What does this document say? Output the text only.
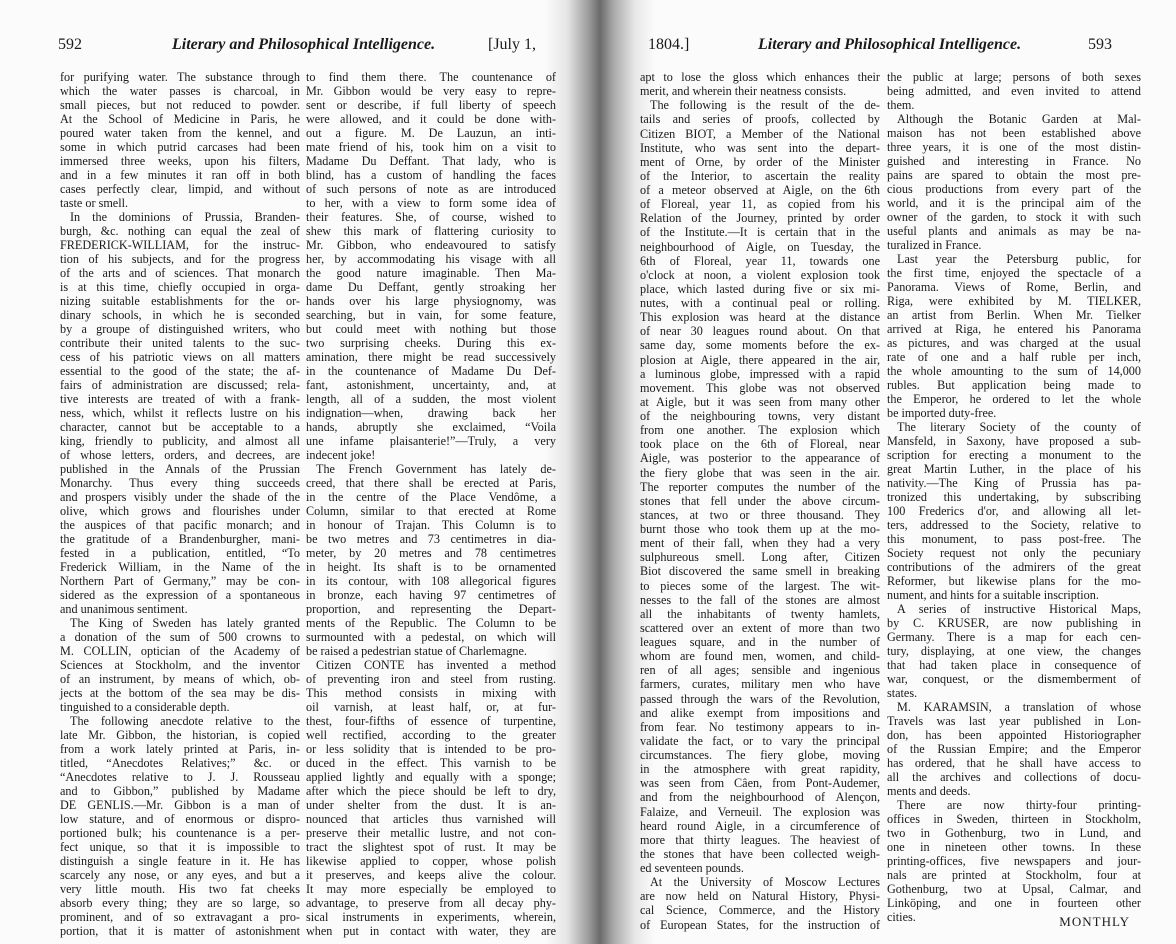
592	Literary and Philosophical Intelligence.	[July 1,	1804.]	Literary and Philosophical Intelligence.	593
for purifying water. The substance through
which the water passes is charcoal, in
small pieces, but not reduced to powder.
At the School of Medicine in Paris, he
poured water taken from the kennel, and
some in which putrid carcases had been
immersed three weeks, upon his filters,
and in a few minutes it ran off in both
cases perfectly clear, limpid, and without
taste or smell.
In the dominions of Prussia, Branden-
burgh, &c. nothing can equal the zeal of
FREDERICK-WILLIAM, for the instruc-
tion of his subjects, and for the progress
of the arts and of sciences. That monarch
is at this time, chiefly occupied in orga-
nizing suitable establishments for the or-
dinary schools, in which he is seconded
by a groupe of distinguished writers, who
contribute their united talents to the suc-
cess of his patriotic views on all matters
essential to the good of the state; the af-
fairs of administration are discussed; rela-
tive interests are treated of with a frank-
ness, which, whilst it reflects lustre on his
character, cannot but be acceptable to a
king, friendly to publicity, and almost all
of whose letters, orders, and decrees, are
published in the Annals of the Prussian
Monarchy. Thus every thing succeeds
and prospers visibly under the shade of the
olive, which grows and flourishes under
the auspices of that pacific monarch; and
the gratitude of a Brandenburgher, mani-
fested in a publication, entitled, “To
Frederick William, in the Name of the
Northern Part of Germany,” may be con-
sidered as the expression of a spontaneous
and unanimous sentiment.
The King of Sweden has lately granted
a donation of the sum of 500 crowns to
M. COLLIN, optician of the Academy of
Sciences at Stockholm, and the inventor
of an instrument, by means of which, ob-
jects at the bottom of the sea may be dis-
tinguished to a considerable depth.
The following anecdote relative to the
late Mr. Gibbon, the historian, is copied
from a work lately printed at Paris, in-
titled, “Anecdotes Relatives;” &c. or
“Anecdotes relative to J. J. Rousseau
and to Gibbon,” published by Madame
DE GENLIS.—Mr. Gibbon is a man of
low stature, and of enormous or dispro-
portioned bulk; his countenance is a per-
fect unique, so that it is impossible to
distinguish a single feature in it. He has
scarcely any nose, or any eyes, and but a
very little mouth. His two fat cheeks
absorb every thing; they are so large, so
prominent, and of so extravagant a pro-
portion, that it is matter of astonishment
to find them there. The countenance of
Mr. Gibbon would be very easy to repre-
sent or describe, if full liberty of speech
were allowed, and it could be done with-
out a figure. M. De Lauzun, an inti-
mate friend of his, took him on a visit to
Madame Du Deffant. That lady, who is
blind, has a custom of handling the faces
of such persons of note as are introduced
to her, with a view to form some idea of
their features. She, of course, wished to
shew this mark of flattering curiosity to
Mr. Gibbon, who endeavoured to satisfy
her, by accommodating his visage with all
the good nature imaginable. Then Ma-
dame Du Deffant, gently stroaking her
hands over his large physiognomy, was
searching, but in vain, for some feature,
but could meet with nothing but those
two surprising cheeks. During this ex-
amination, there might be read successively
in the countenance of Madame Du Def-
fant, astonishment, uncertainty, and, at
length, all of a sudden, the most violent
indignation—when, drawing back her
hands, abruptly she exclaimed, “Voila
une infame plaisanterie!”—Truly, a very
indecent joke!
The French Government has lately de-
creed, that there shall be erected at Paris,
in the centre of the Place Vendôme, a
Column, similar to that erected at Rome
in honour of Trajan. This Column is to
be two metres and 73 centimetres in dia-
meter, by 20 metres and 78 centimetres
in height. Its shaft is to be ornamented
in its contour, with 108 allegorical figures
in bronze, each having 97 centimetres of
proportion, and representing the Depart-
ments of the Republic. The Column to be
surmounted with a pedestal, on which will
be raised a pedestrian statue of Charlemagne.
Citizen CONTE has invented a method
of preventing iron and steel from rusting.
This method consists in mixing with
oil varnish, at least half, or, at fur-
thest, four-fifths of essence of turpentine,
well rectified, according to the greater
or less solidity that is intended to be pro-
duced in the effect. This varnish to be
applied lightly and equally with a sponge;
after which the piece should be left to dry,
under shelter from the dust. It is an-
nounced that articles thus varnished will
preserve their metallic lustre, and not con-
tract the slightest spot of rust. It may be
likewise applied to copper, whose polish
it preserves, and keeps alive the colour.
It may more especially be employed to
advantage, to preserve from all decay phy-
sical instruments in experiments, wherein,
when put in contact with water, they are
apt to lose the gloss which enhances their
merit, and wherein their neatness consists.
The following is the result of the de-
tails and series of proofs, collected by
Citizen BIOT, a Member of the National
Institute, who was sent into the depart-
ment of Orne, by order of the Minister
of the Interior, to ascertain the reality
of a meteor observed at Aigle, on the 6th
of Floreal, year 11, as copied from his
Relation of the Journey, printed by order
of the Institute.—It is certain that in the
neighbourhood of Aigle, on Tuesday, the
6th of Floreal, year 11, towards one
o'clock at noon, a violent explosion took
place, which lasted during five or six mi-
nutes, with a continual peal or rolling.
This explosion was heard at the distance
of near 30 leagues round about. On that
same day, some moments before the ex-
plosion at Aigle, there appeared in the air,
a luminous globe, impressed with a rapid
movement. This globe was not observed
at Aigle, but it was seen from many other
of the neighbouring towns, very distant
from one another. The explosion which
took place on the 6th of Floreal, near
Aigle, was posterior to the appearance of
the fiery globe that was seen in the air.
The reporter computes the number of the
stones that fell under the above circum-
stances, at two or three thousand. They
burnt those who took them up at the mo-
ment of their fall, when they had a very
sulphureous smell. Long after, Citizen
Biot discovered the same smell in breaking
to pieces some of the largest. The wit-
nesses to the fall of the stones are almost
all the inhabitants of twenty hamlets,
scattered over an extent of more than two
leagues square, and in the number of
whom are found men, women, and child-
ren of all ages; sensible and ingenious
farmers, curates, military men who have
passed through the wars of the Revolution,
and alike exempt from impositions and
from fear. No testimony appears to in-
validate the fact, or to vary the principal
circumstances. The fiery globe, moving
in the atmosphere with great rapidity,
was seen from Câen, from Pont-Audemer,
and from the neighbourhood of Alençon,
Falaize, and Verneuil. The explosion was
heard round Aigle, in a circumference of
more that thirty leagues. The heaviest of
the stones that have been collected weigh-
ed seventeen pounds.
At the University of Moscow Lectures
are now held on Natural History, Physi-
cal Science, Commerce, and the History
of European States, for the instruction of
the public at large; persons of both sexes
being admitted, and even invited to attend
them.
Although the Botanic Garden at Mal-
maison has not been established above
three years, it is one of the most distin-
guished and interesting in France. No
pains are spared to obtain the most pre-
cious productions from every part of the
world, and it is the principal aim of the
owner of the garden, to stock it with such
useful plants and animals as may be na-
turalized in France.
Last year the Petersburg public, for
the first time, enjoyed the spectacle of a
Panorama. Views of Rome, Berlin, and
Riga, were exhibited by M. TIELKER,
an artist from Berlin. When Mr. Tielker
arrived at Riga, he entered his Panorama
as pictures, and was charged at the usual
rate of one and a half ruble per inch,
the whole amounting to the sum of 14,000
rubles. But application being made to
the Emperor, he ordered to let the whole
be imported duty-free.
The literary Society of the county of
Mansfeld, in Saxony, have proposed a sub-
scription for erecting a monument to the
great Martin Luther, in the place of his
nativity.—The King of Prussia has pa-
tronized this undertaking, by subscribing
100 Frederics d'or, and allowing all let-
ters, addressed to the Society, relative to
this monument, to pass post-free. The
Society request not only the pecuniary
contributions of the admirers of the great
Reformer, but likewise plans for the mo-
nument, and hints for a suitable inscription.
A series of instructive Historical Maps,
by C. KRUSER, are now publishing in
Germany. There is a map for each cen-
tury, displaying, at one view, the changes
that had taken place in consequence of
war, conquest, or the dismemberment of
states.
M. KARAMSIN, a translation of whose
Travels was last year published in Lon-
don, has been appointed Historiographer
of the Russian Empire; and the Emperor
has ordered, that he shall have access to
all the archives and collections of docu-
ments and deeds.
There are now thirty-four printing-
offices in Sweden, thirteen in Stockholm,
two in Gothenburg, two in Lund, and
one in nineteen other towns. In these
printing-offices, five newspapers and jour-
nals are printed at Stockholm, four at
Gothenburg, two at Upsal, Calmar, and
Linköping, and one in fourteen other
cities.	MONTHLY
